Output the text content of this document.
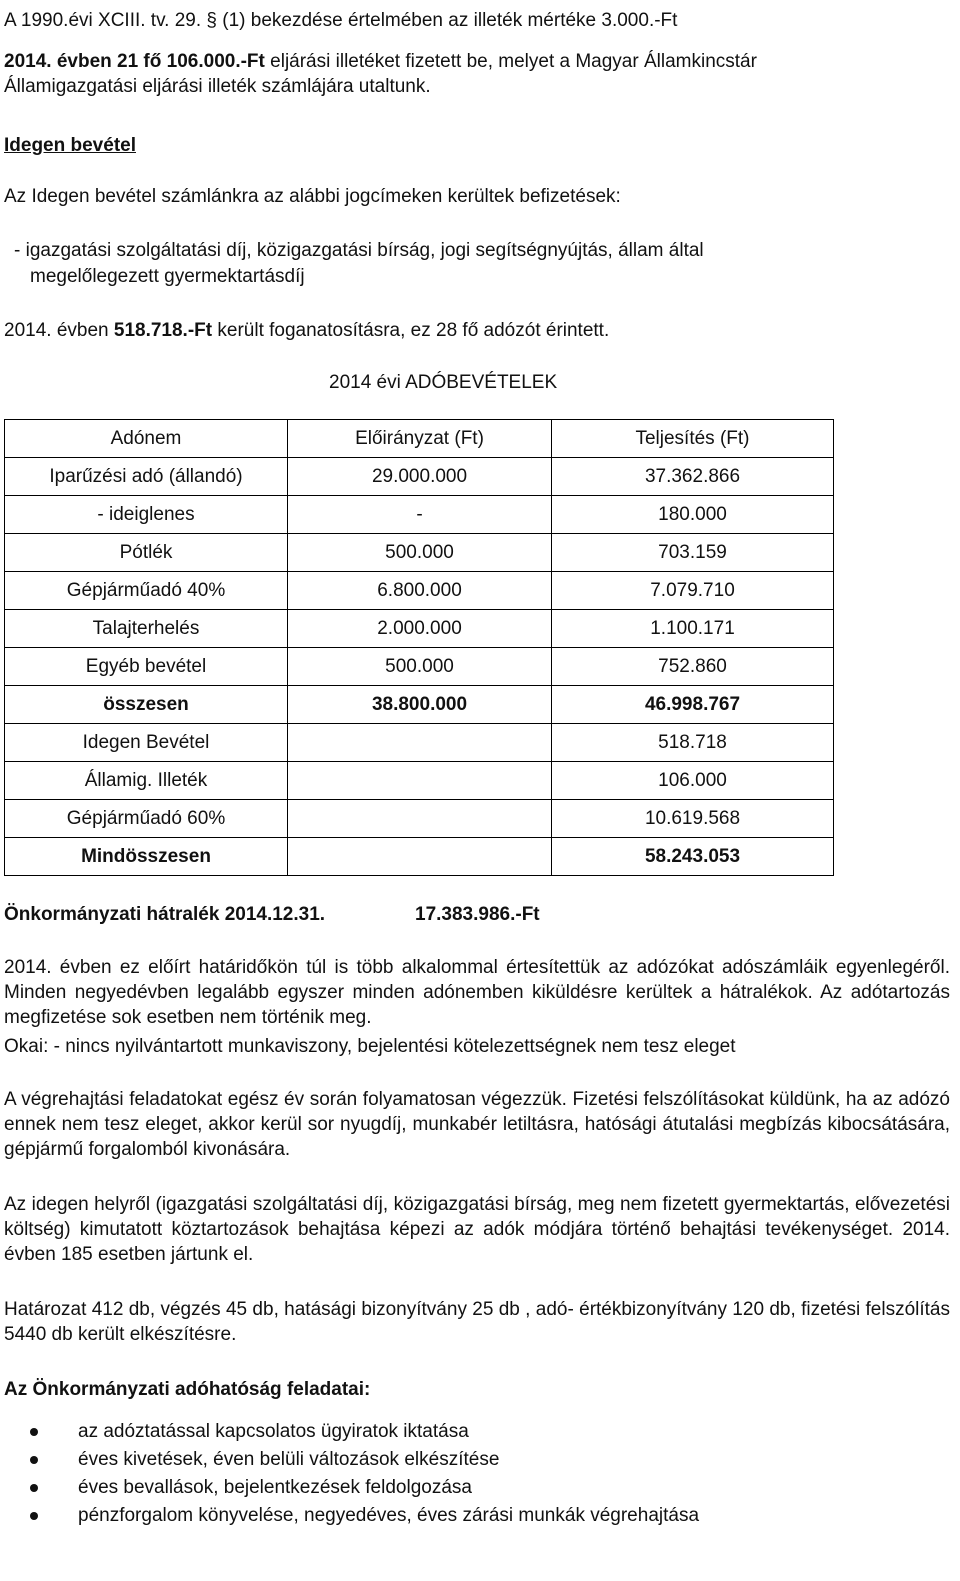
A 1990.évi XCIII. tv. 29. § (1) bekezdése értelmében az illeték mértéke 3.000.-Ft

2014. évben 21 fő 106.000.-Ft eljárási illetéket fizetett be, melyet a Magyar Államkincstár

Államigazgatási eljárási illeték számlájára utaltunk.

Idegen bevétel

Az Idegen bevétel számlánkra az alábbi jogcímeken kerültek befizetések:

- igazgatási szolgáltatási díj, közigazgatási bírság, jogi segítségnyújtás, állam által

megelőlegezett gyermektartásdíj

2014. évben 518.718.-Ft került foganatosításra, ez 28 fő adózót érintett.

2014 évi ADÓBEVÉTELEK

Adónem	Előirányzat (Ft)	Teljesítés (Ft)
Iparűzési adó (állandó)	29.000.000	37.362.866
- ideiglenes	-	180.000
Pótlék	500.000	703.159
Gépjárműadó 40%	6.800.000	7.079.710
Talajterhelés	2.000.000	1.100.171
Egyéb bevétel	500.000	752.860
összesen	38.800.000	46.998.767
Idegen Bevétel		518.718
Államig. Illeték		106.000
Gépjárműadó 60%		10.619.568
Mindösszesen		58.243.053

Önkormányzati hátralék 2014.12.31.	17.383.986.-Ft

2014. évben ez előírt határidőkön túl is több alkalommal értesítettük az adózókat adószámláik egyenlegéről. Minden negyedévben legalább egyszer minden adónemben kiküldésre kerültek a hátralékok. Az adótartozás megfizetése sok esetben nem történik meg.

Okai: - nincs nyilvántartott munkaviszony, bejelentési kötelezettségnek nem tesz eleget

A végrehajtási feladatokat egész év során folyamatosan végezzük. Fizetési felszólításokat küldünk, ha az adózó ennek nem tesz eleget, akkor kerül sor nyugdíj, munkabér letiltásra, hatósági átutalási megbízás kibocsátására, gépjármű forgalomból kivonására.

Az idegen helyről (igazgatási szolgáltatási díj, közigazgatási bírság, meg nem fizetett gyermektartás, elővezetési költség) kimutatott köztartozások behajtása képezi az adók módjára történő behajtási tevékenységet. 2014. évben 185 esetben jártunk el.

Határozat 412 db, végzés 45 db, hatásági bizonyítvány 25 db , adó- értékbizonyítvány 120 db, fizetési felszólítás 5440 db került elkészítésre.

Az Önkormányzati adóhatóság feladatai:

az adóztatással kapcsolatos ügyiratok iktatása
éves kivetések, éven belüli változások elkészítése
éves bevallások, bejelentkezések feldolgozása
pénzforgalom könyvelése, negyedéves, éves zárási munkák végrehajtása
